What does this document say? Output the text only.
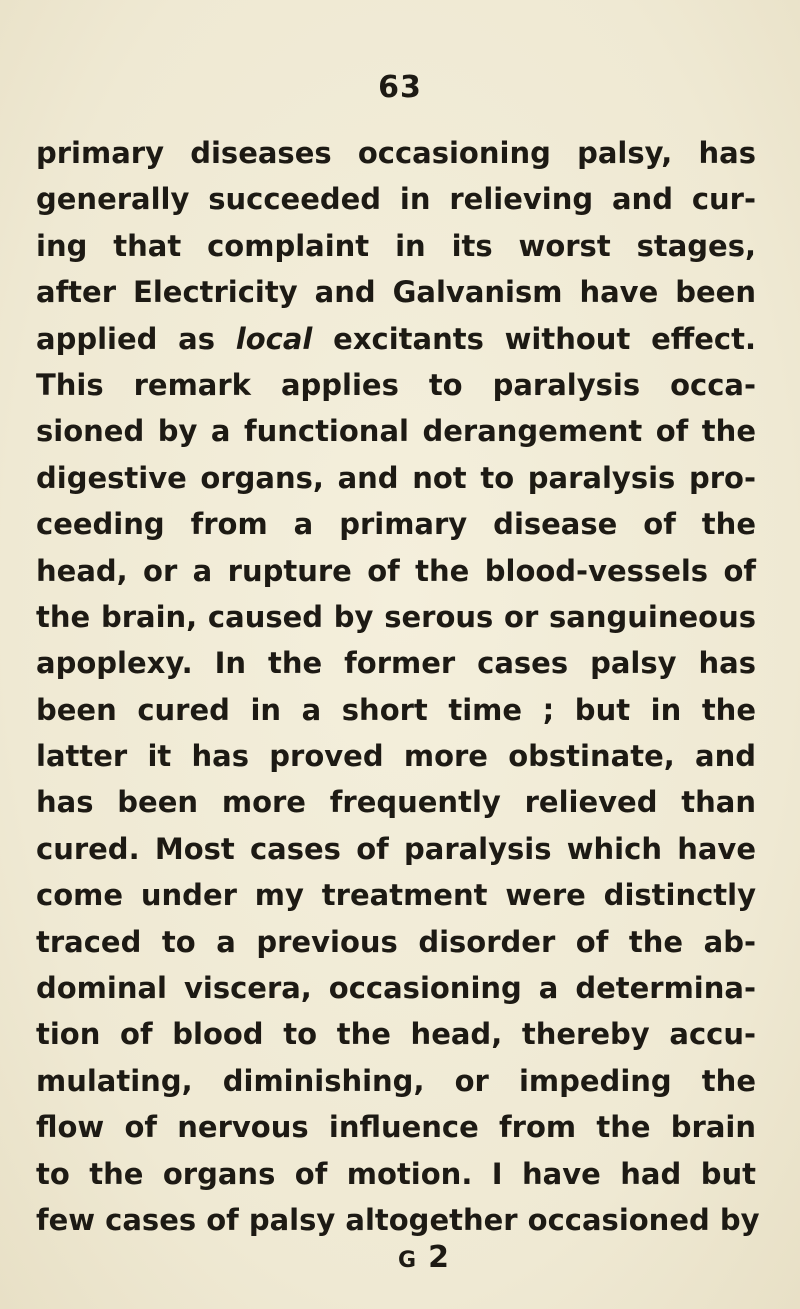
63
primary diseases occasioning palsy, has
generally succeeded in relieving and cur-
ing that complaint in its worst stages,
after Electricity and Galvanism have been
applied as local excitants without effect.
This remark applies to paralysis occa-
sioned by a functional derangement of the
digestive organs, and not to paralysis pro-
ceeding from a primary disease of the
head, or a rupture of the blood-vessels of
the brain, caused by serous or sanguineous
apoplexy. In the former cases palsy has
been cured in a short time ; but in the
latter it has proved more obstinate, and
has been more frequently relieved than
cured. Most cases of paralysis which have
come under my treatment were distinctly
traced to a previous disorder of the ab-
dominal viscera, occasioning a determina-
tion of blood to the head, thereby accu-
mulating, diminishing, or impeding the
flow of nervous influence from the brain
to the organs of motion. I have had but
few cases of palsy altogether occasioned by
G 2
